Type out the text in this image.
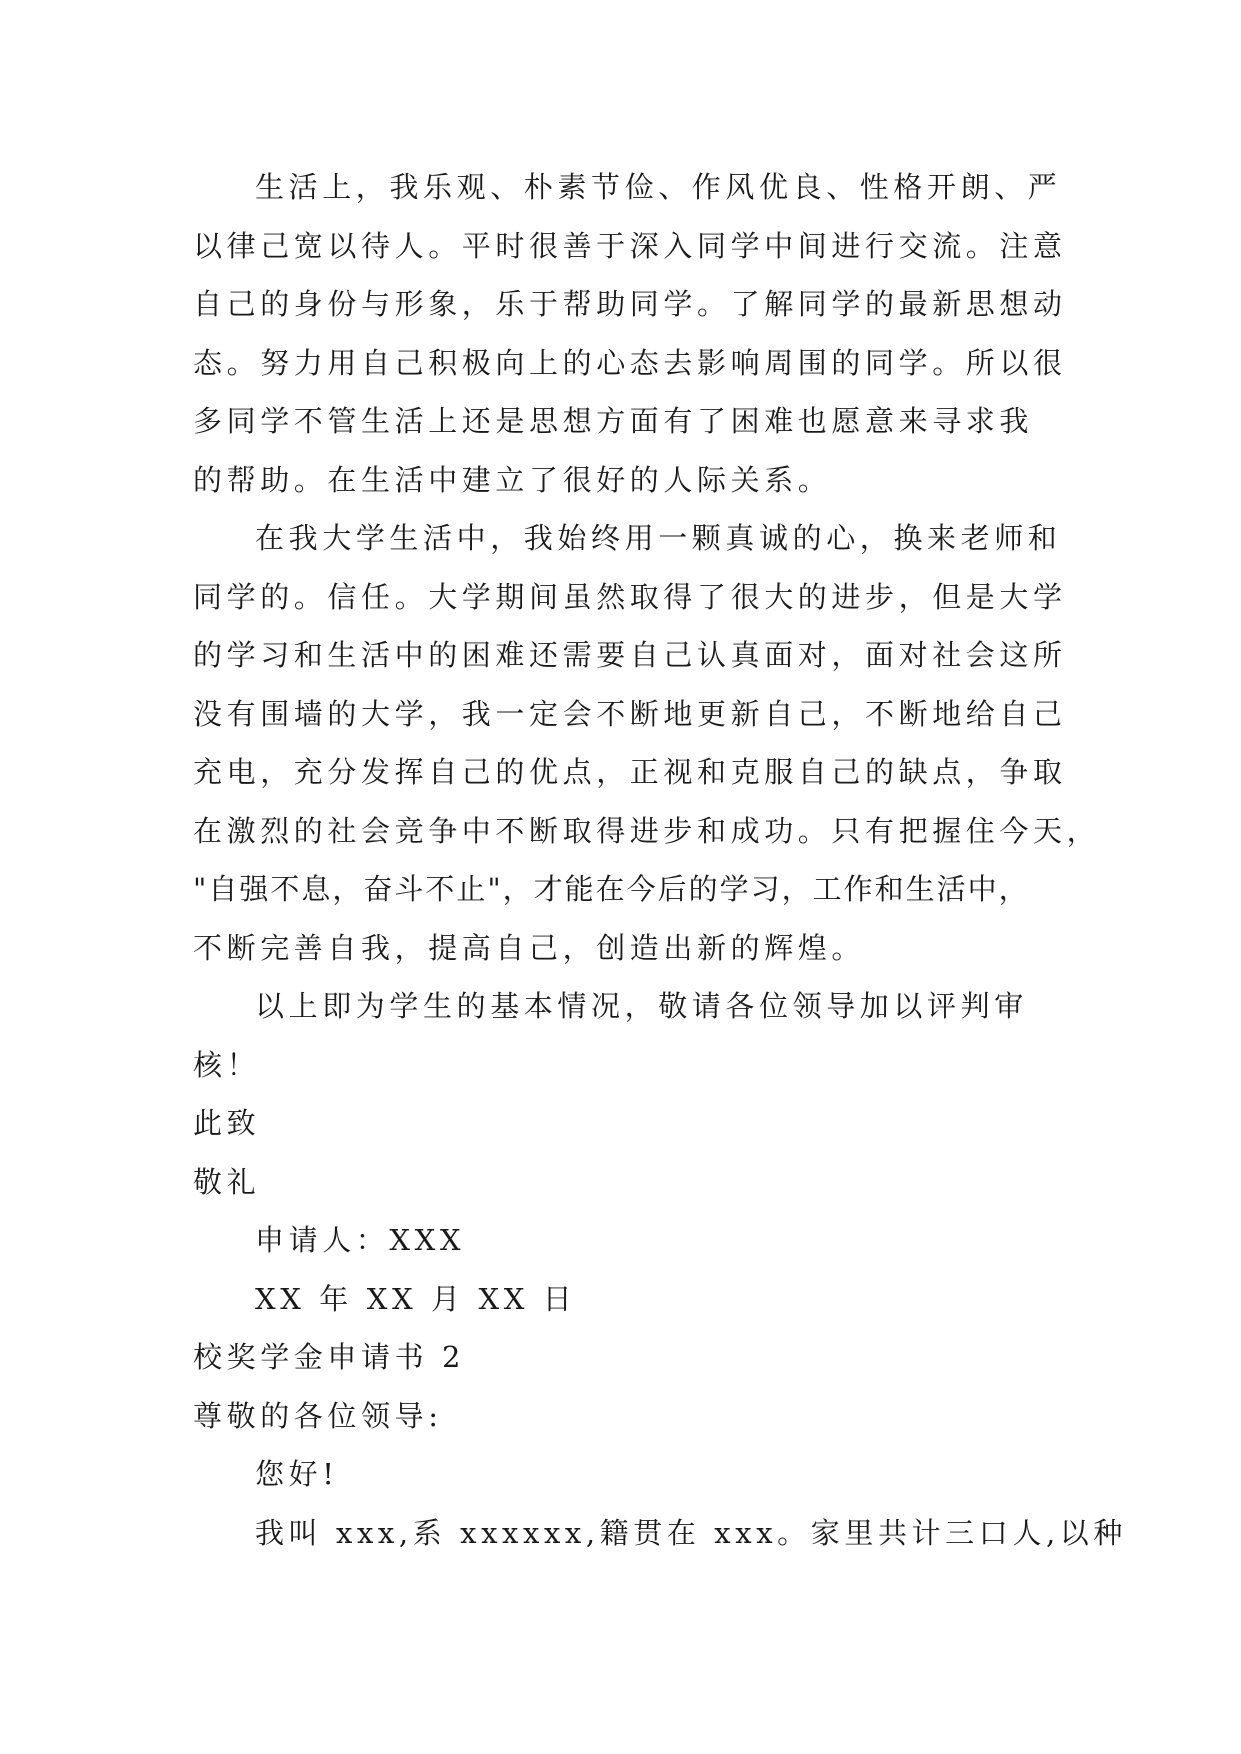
生活上，我乐观、朴素节俭、作风优良、性格开朗、严
以律己宽以待人。平时很善于深入同学中间进行交流。注意
自己的身份与形象，乐于帮助同学。了解同学的最新思想动
态。努力用自己积极向上的心态去影响周围的同学。所以很
多同学不管生活上还是思想方面有了困难也愿意来寻求我
的帮助。在生活中建立了很好的人际关系。
在我大学生活中，我始终用一颗真诚的心，换来老师和
同学的。信任。大学期间虽然取得了很大的进步，但是大学
的学习和生活中的困难还需要自己认真面对，面对社会这所
没有围墙的大学，我一定会不断地更新自己，不断地给自己
充电，充分发挥自己的优点，正视和克服自己的缺点，争取
在激烈的社会竞争中不断取得进步和成功。只有把握住今天，
"自强不息，奋斗不止"，才能在今后的学习，工作和生活中，
不断完善自我，提高自己，创造出新的辉煌。
以上即为学生的基本情况，敬请各位领导加以评判审
核！
此致
敬礼
申请人：XXX
XX 年 XX 月 XX 日
校奖学金申请书 2
尊敬的各位领导:
您好!
我叫 xxx,系 xxxxxx,籍贯在 xxx。家里共计三口人,以种
